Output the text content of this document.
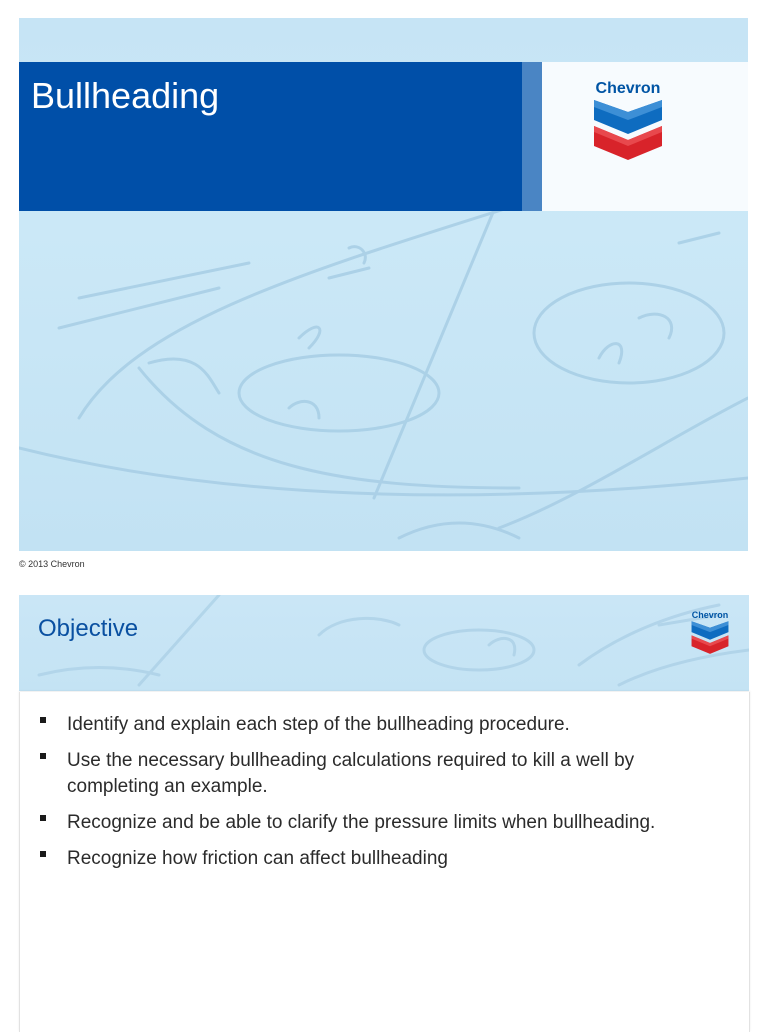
Bullheading	Chevron
© 2013 Chevron
Objective	Chevron
Identify and explain each step of the bullheading procedure.
Use the necessary bullheading calculations required to kill a well by completing an example.
Recognize and be able to clarify the pressure limits when bullheading.
Recognize how friction can affect bullheading
